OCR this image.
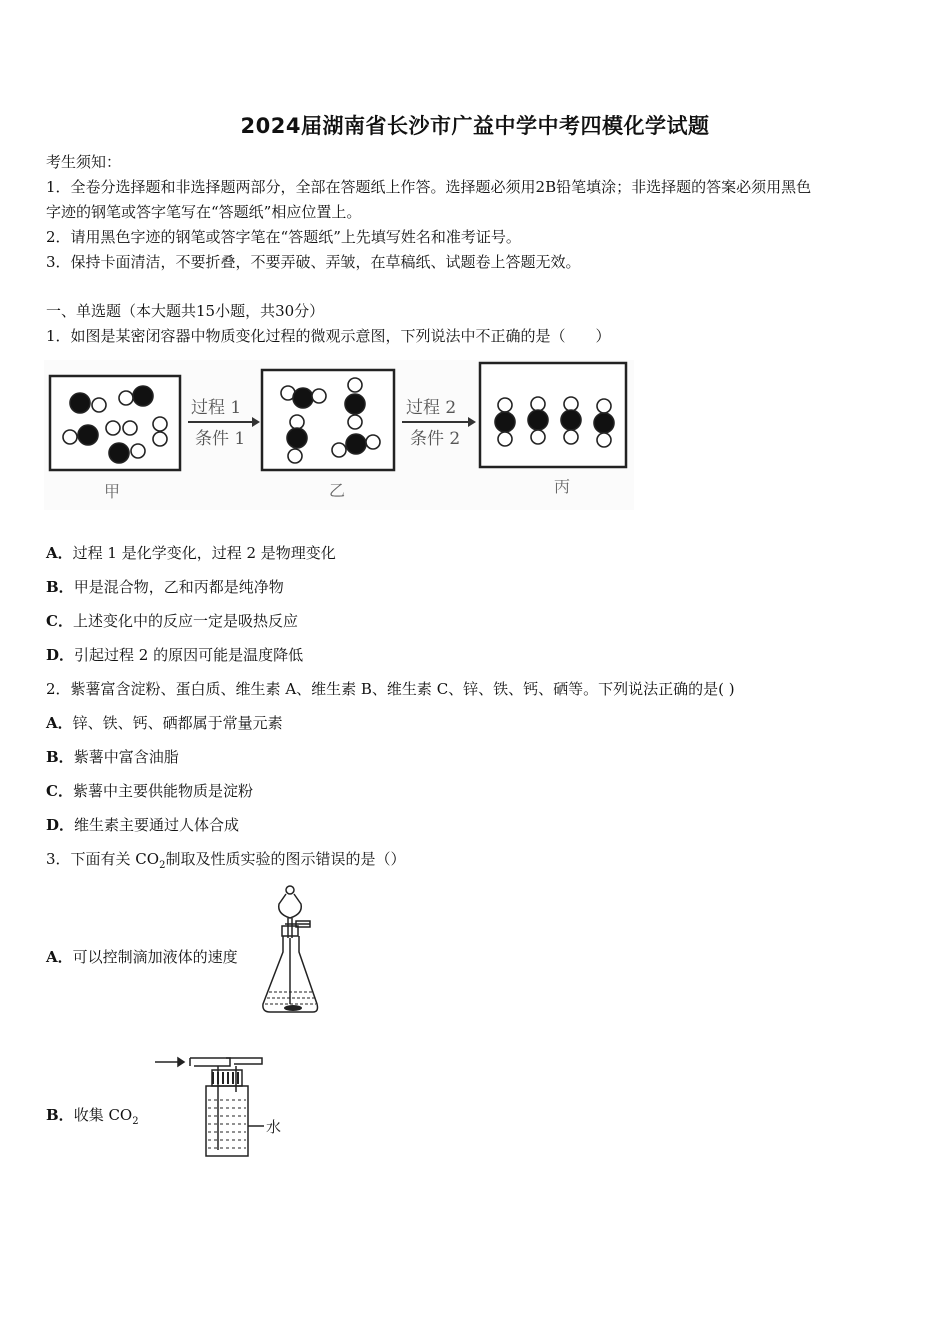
2024届湖南省长沙市广益中学中考四模化学试题
考生须知：
1．全卷分选择题和非选择题两部分，全部在答题纸上作答。选择题必须用2B铅笔填涂；非选择题的答案必须用黑色
字迹的钢笔或答字笔写在“答题纸”相应位置上。
2．请用黑色字迹的钢笔或答字笔在“答题纸”上先填写姓名和准考证号。
3．保持卡面清洁，不要折叠，不要弄破、弄皱，在草稿纸、试题卷上答题无效。
一、单选题（本大题共15小题，共30分）
1．如图是某密闭容器中物质变化过程的微观示意图，下列说法中不正确的是（　　）
过程 1
条件 1
过程 2
条件 2
甲	乙	丙
A．过程 1 是化学变化，过程 2 是物理变化
B．甲是混合物，乙和丙都是纯净物
C．上述变化中的反应一定是吸热反应
D．引起过程 2 的原因可能是温度降低
2．紫薯富含淀粉、蛋白质、维生素 A、维生素 B、维生素 C、锌、铁、钙、硒等。下列说法正确的是( )
A．锌、铁、钙、硒都属于常量元素
B．紫薯中富含油脂
C．紫薯中主要供能物质是淀粉
D．维生素主要通过人体合成
3．下面有关 $CO_2$制取及性质实验的图示错误的是（）
A．可以控制滴加液体的速度
B．收集 $CO_2$	水
